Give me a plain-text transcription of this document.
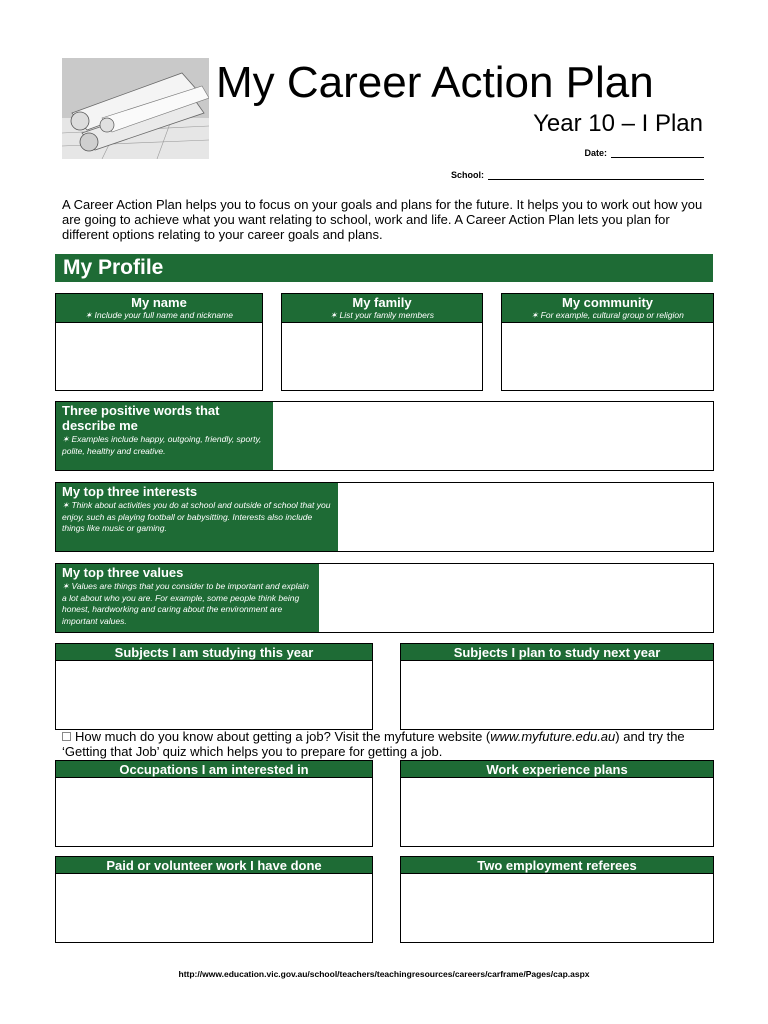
My Career Action Plan
Year 10 – I Plan
Date:
School:

A Career Action Plan helps you to focus on your goals and plans for the future. It helps you to work out how you are going to achieve what you want relating to school, work and life. A Career Action Plan lets you plan for different options relating to your career goals and plans.

My Profile
My name
✶ Include your full name and nickname
My family
✶ List your family members
My community
✶ For example, cultural group or religion
Three positive words that describe me
✶ Examples include happy, outgoing, friendly, sporty, polite, healthy and creative.
My top three interests
✶ Think about activities you do at school and outside of school that you enjoy, such as playing football or babysitting. Interests also include things like music or gaming.
My top three values
✶ Values are things that you consider to be important and explain a lot about who you are. For example, some people think being honest, hardworking and caring about the environment are important values.
Subjects I am studying this year	Subjects I plan to study next year

How much do you know about getting a job? Visit the myfuture website (www.myfuture.edu.au) and try the ‘Getting that Job’ quiz which helps you to prepare for getting a job.

Occupations I am interested in	Work experience plans
Paid or volunteer work I have done	Two employment referees
http://www.education.vic.gov.au/school/teachers/teachingresources/careers/carframe/Pages/cap.aspx
